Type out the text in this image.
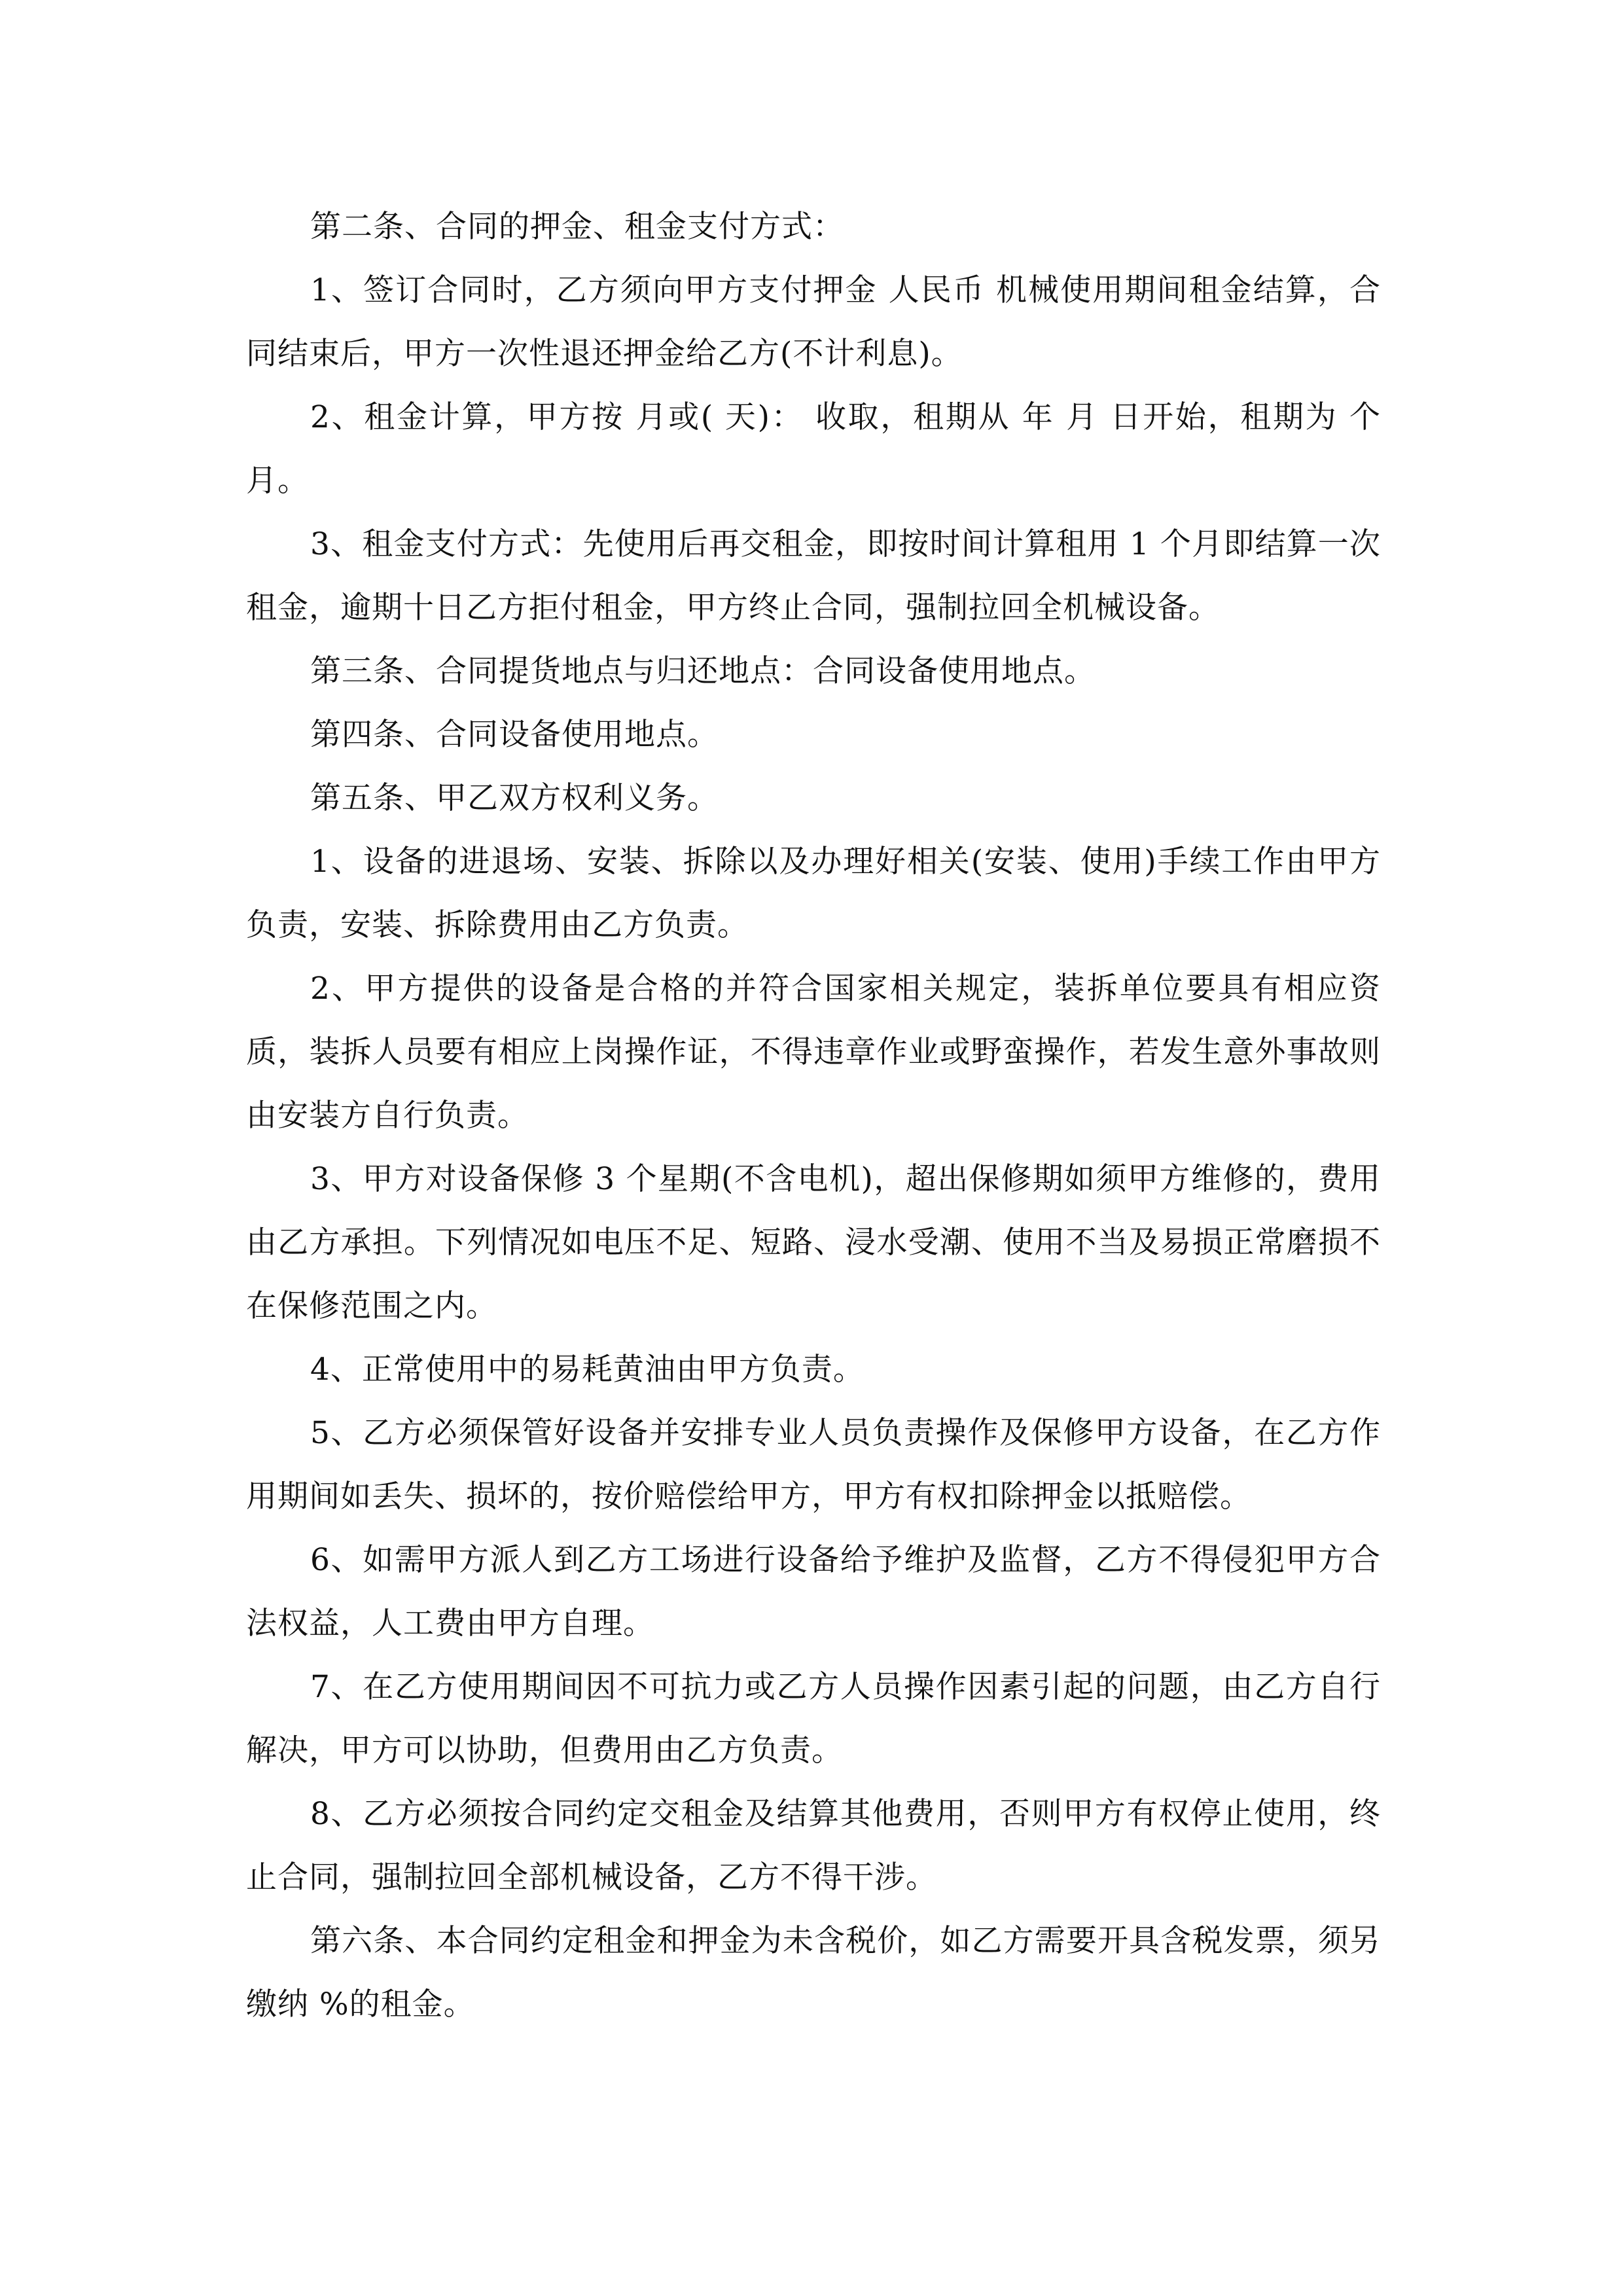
第二条、合同的押金、租金支付方式：

1、签订合同时，乙方须向甲方支付押金 人民币 机械使用期间租金结算，合同结束后，甲方一次性退还押金给乙方(不计利息)。

2、租金计算，甲方按 月或( 天)： 收取，租期从 年 月 日开始，租期为 个月。

3、租金支付方式：先使用后再交租金，即按时间计算租用 1 个月即结算一次租金，逾期十日乙方拒付租金，甲方终止合同，强制拉回全机械设备。

第三条、合同提货地点与归还地点：合同设备使用地点。

第四条、合同设备使用地点。

第五条、甲乙双方权利义务。

1、设备的进退场、安装、拆除以及办理好相关(安装、使用)手续工作由甲方负责，安装、拆除费用由乙方负责。

2、甲方提供的设备是合格的并符合国家相关规定，装拆单位要具有相应资质，装拆人员要有相应上岗操作证，不得违章作业或野蛮操作，若发生意外事故则由安装方自行负责。

3、甲方对设备保修 3 个星期(不含电机)，超出保修期如须甲方维修的，费用由乙方承担。下列情况如电压不足、短路、浸水受潮、使用不当及易损正常磨损不在保修范围之内。

4、正常使用中的易耗黄油由甲方负责。

5、乙方必须保管好设备并安排专业人员负责操作及保修甲方设备，在乙方作用期间如丢失、损坏的，按价赔偿给甲方，甲方有权扣除押金以抵赔偿。

6、如需甲方派人到乙方工场进行设备给予维护及监督，乙方不得侵犯甲方合法权益，人工费由甲方自理。

7、在乙方使用期间因不可抗力或乙方人员操作因素引起的问题，由乙方自行解决，甲方可以协助，但费用由乙方负责。

8、乙方必须按合同约定交租金及结算其他费用，否则甲方有权停止使用，终止合同，强制拉回全部机械设备，乙方不得干涉。

第六条、本合同约定租金和押金为未含税价，如乙方需要开具含税发票，须另缴纳 %的租金。
